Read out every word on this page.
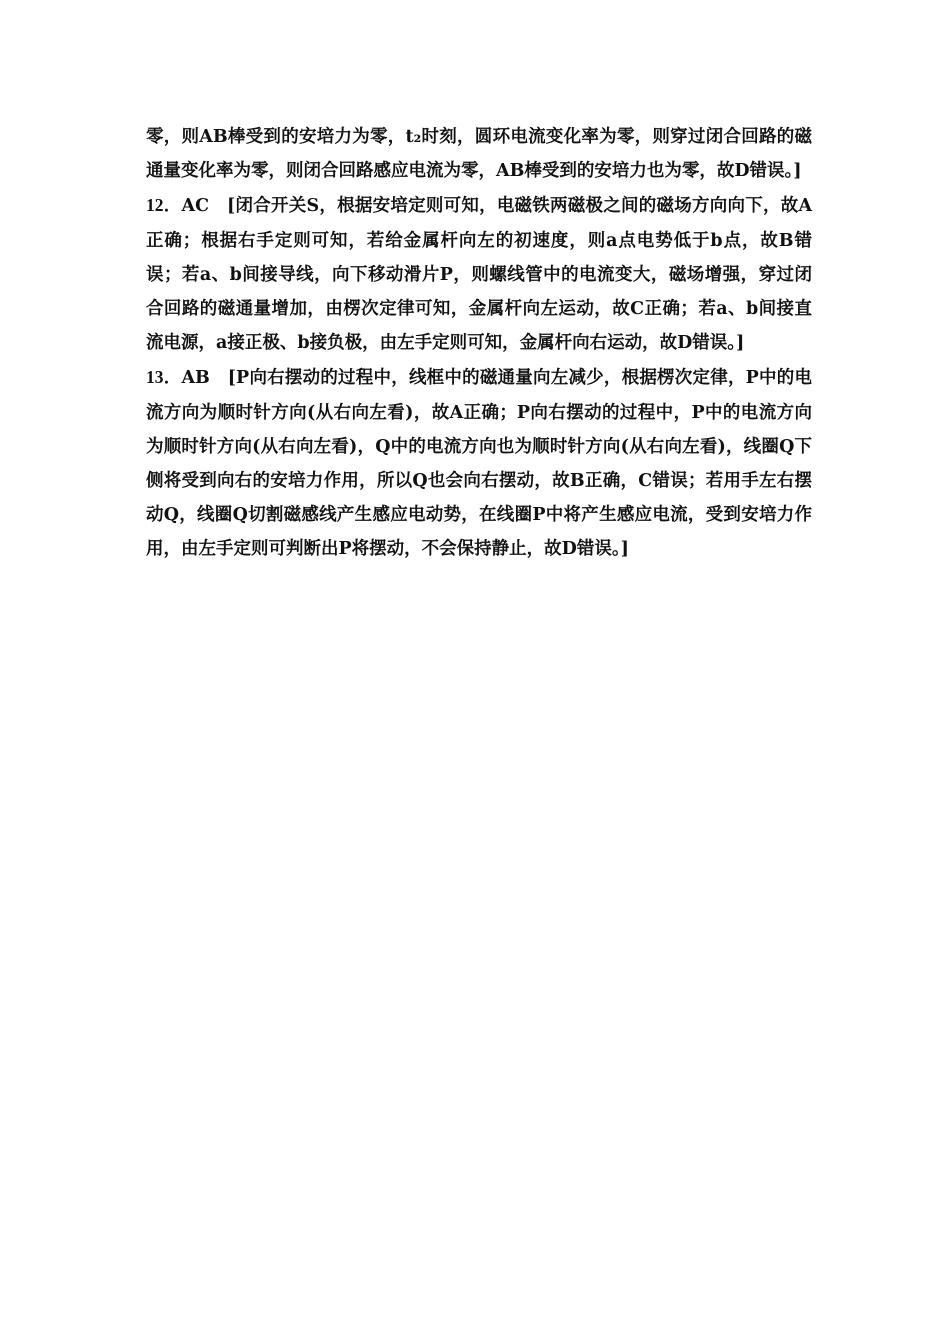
零，则AB棒受到的安培力为零，t₂时刻，圆环电流变化率为零，则穿过闭合回路的磁通量变化率为零，则闭合回路感应电流为零，AB棒受到的安培力也为零，故D错误。]

12．AC　 [闭合开关S，根据安培定则可知，电磁铁两磁极之间的磁场方向向下，故A正确；根据右手定则可知，若给金属杆向左的初速度，则a点电势低于b点，故B错误；若a、b间接导线，向下移动滑片P，则螺线管中的电流变大，磁场增强，穿过闭合回路的磁通量增加，由楞次定律可知，金属杆向左运动，故C正确；若a、b间接直流电源，a接正极、b接负极，由左手定则可知，金属杆向右运动，故D错误。]

13．AB　 [P向右摆动的过程中，线框中的磁通量向左减少，根据楞次定律，P中的电流方向为顺时针方向(从右向左看)，故A正确；P向右摆动的过程中，P中的电流方向为顺时针方向(从右向左看)，Q中的电流方向也为顺时针方向(从右向左看)，线圈Q下侧将受到向右的安培力作用，所以Q也会向右摆动，故B正确，C错误；若用手左右摆动Q，线圈Q切割磁感线产生感应电动势，在线圈P中将产生感应电流，受到安培力作用，由左手定则可判断出P将摆动，不会保持静止，故D错误。]
